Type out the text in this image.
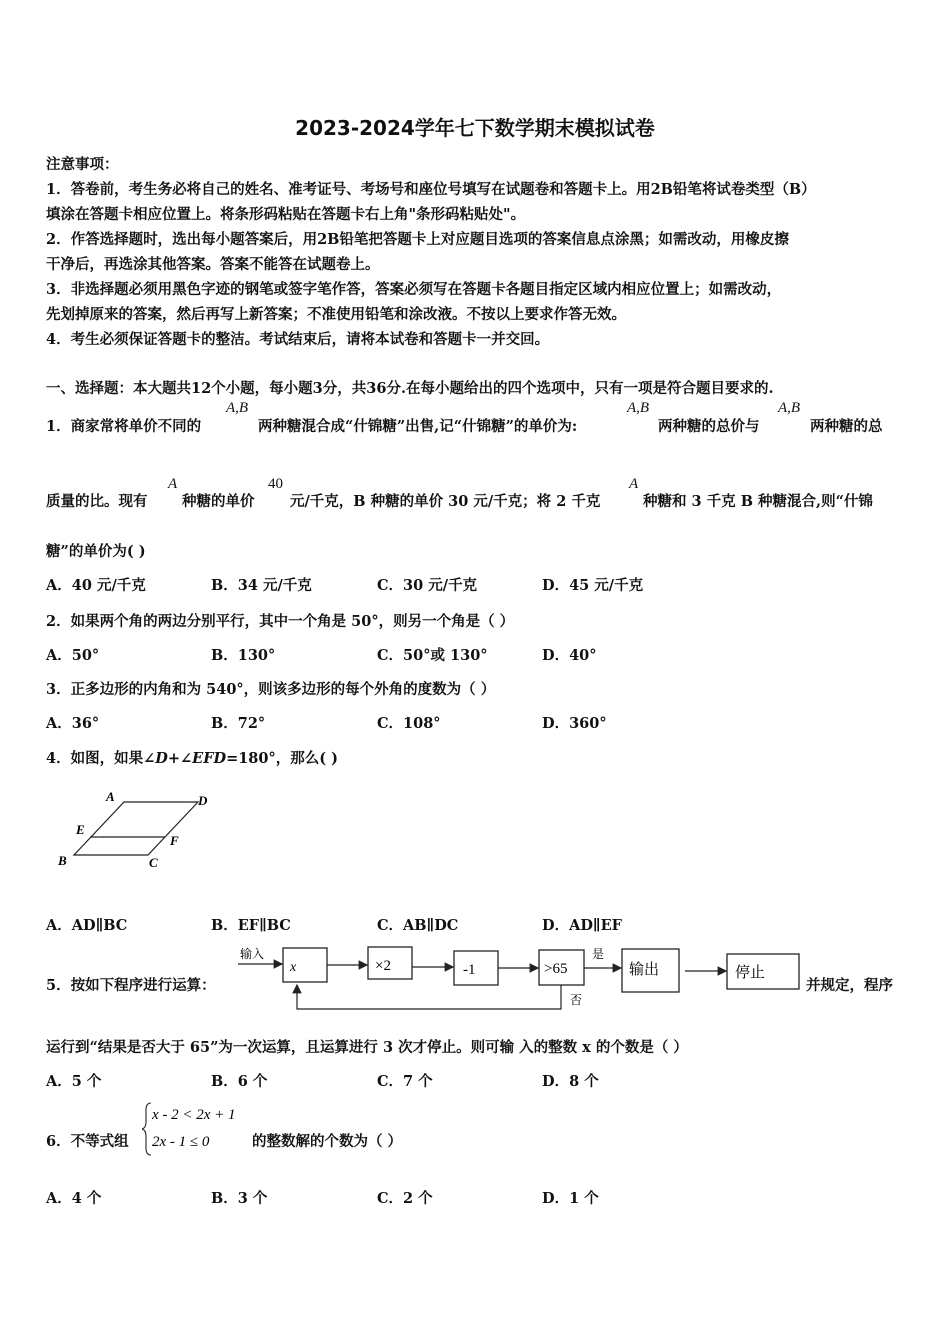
2023-2024学年七下数学期末模拟试卷
注意事项：
1．答卷前，考生务必将自己的姓名、准考证号、考场号和座位号填写在试题卷和答题卡上。用2B铅笔将试卷类型（B）
填涂在答题卡相应位置上。将条形码粘贴在答题卡右上角"条形码粘贴处"。
2．作答选择题时，选出每小题答案后，用2B铅笔把答题卡上对应题目选项的答案信息点涂黑；如需改动，用橡皮擦
干净后，再选涂其他答案。答案不能答在试题卷上。
3．非选择题必须用黑色字迹的钢笔或签字笔作答，答案必须写在答题卡各题目指定区域内相应位置上；如需改动，
先划掉原来的答案，然后再写上新答案；不准使用铅笔和涂改液。不按以上要求作答无效。
4．考生必须保证答题卡的整洁。考试结束后，请将本试卷和答题卡一并交回。
一、选择题：本大题共12个小题，每小题3分，共36分.在每小题给出的四个选项中，只有一项是符合题目要求的.
1．商家常将单价不同的
A,B
两种糖混合成“什锦糖”出售,记“什锦糖”的单价为:
A,B
两种糖的总价与
A,B
两种糖的总
质量的比。现有
A
种糖的单价
40
元/千克，B 种糖的单价 30 元/千克；将 2 千克
A
种糖和 3 千克 B 种糖混合,则“什锦
糖”的单价为( )
A．40 元/千克	B．34 元/千克	C．30 元/千克	D．45 元/千克
2．如果两个角的两边分别平行，其中一个角是 50°，则另一个角是（ ）
A．50°	B．130°	C．50°或 130°	D．40°
3．正多边形的内角和为 540°，则该多边形的每个外角的度数为（ ）
A．36°	B．72°	C．108°	D．360°
4．如图，如果∠D+∠EFD=180°，那么( )
A	D
E
F
B	C
A．AD∥BC	B．EF∥BC	C．AB∥DC	D．AD∥EF
5．按如下程序进行运算：
输入
x	×2	-1	>65
是
输出	停止
否
并规定，程序
运行到“结果是否大于 65”为一次运算，且运算进行 3 次才停止。则可输 入的整数 x 的个数是（ ）
A．5 个	B．6 个	C．7 个	D．8 个
6．不等式组
x - 2 < 2x + 1
2x - 1 ≤ 0	的整数解的个数为（ ）
A．4 个	B．3 个	C．2 个	D．1 个
